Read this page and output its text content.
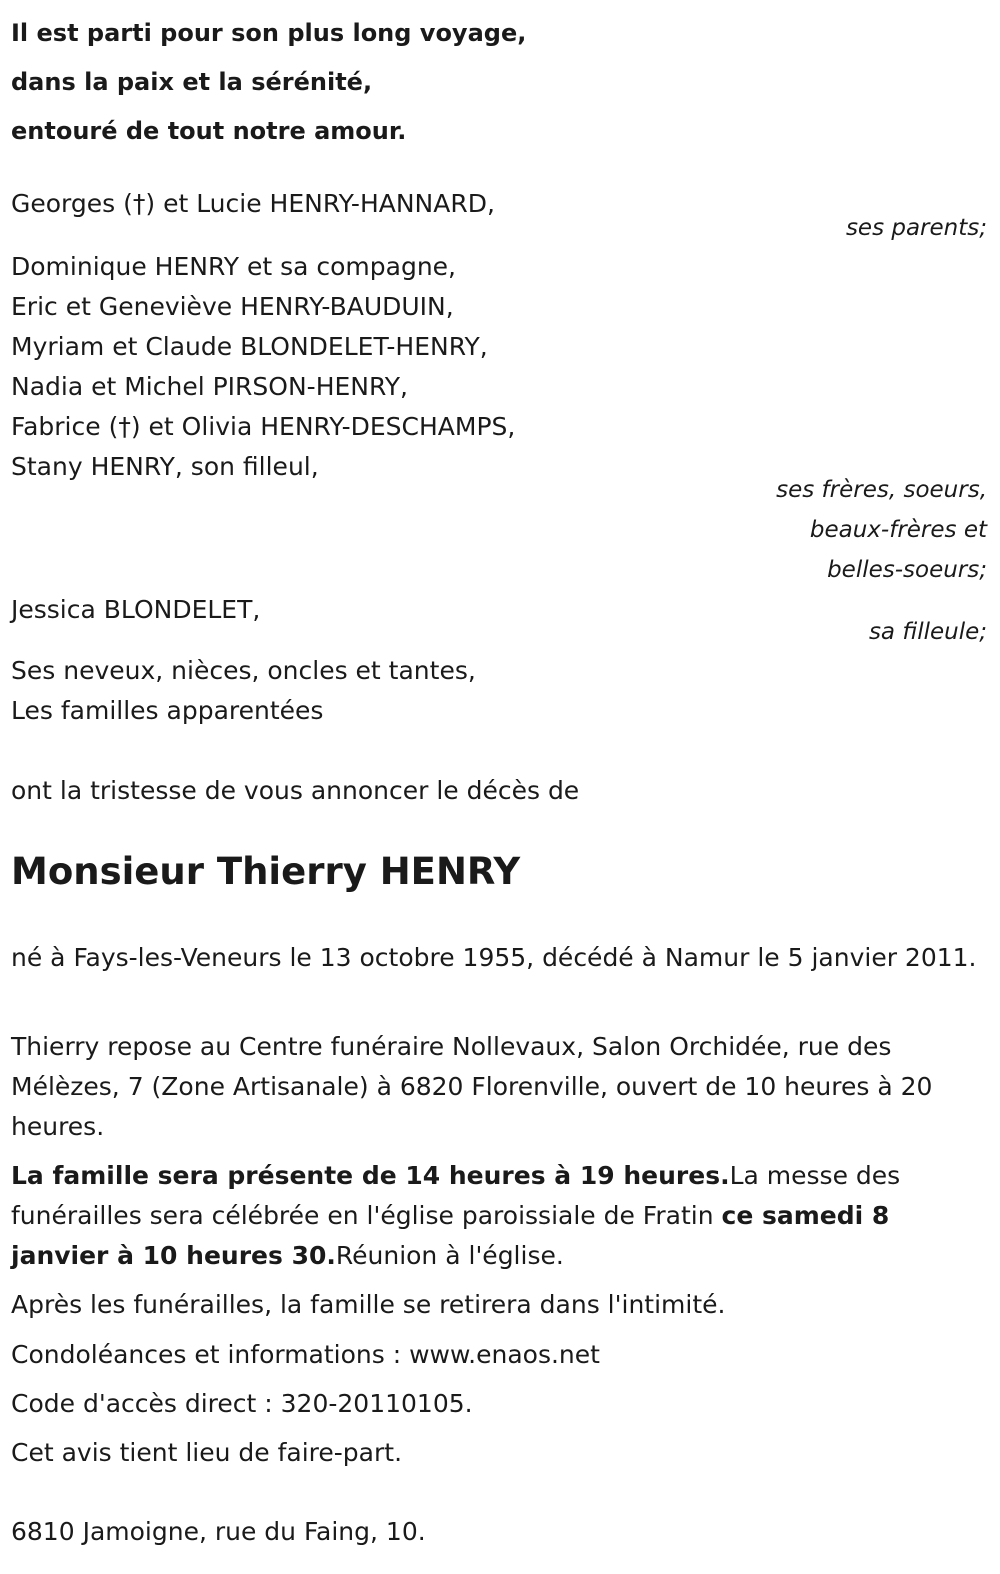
Il est parti pour son plus long voyage,
dans la paix et la sérénité,
entouré de tout notre amour.
Georges (†) et Lucie HENRY-HANNARD,
ses parents;
Dominique HENRY et sa compagne,
Eric et Geneviève HENRY-BAUDUIN,
Myriam et Claude BLONDELET-HENRY,
Nadia et Michel PIRSON-HENRY,
Fabrice (†) et Olivia HENRY-DESCHAMPS,
Stany HENRY, son filleul,
ses frères, soeurs,
beaux-frères et
belles-soeurs;
Jessica BLONDELET,
sa filleule;
Ses neveux, nièces, oncles et tantes,
Les familles apparentées
ont la tristesse de vous annoncer le décès de
Monsieur Thierry HENRY
né à Fays-les-Veneurs le 13 octobre 1955, décédé à Namur le 5 janvier 2011.
Thierry repose au Centre funéraire Nollevaux, Salon Orchidée, rue des Mélèzes, 7 (Zone Artisanale) à 6820 Florenville, ouvert de 10 heures à 20 heures.
La famille sera présente de 14 heures à 19 heures.La messe des funérailles sera célébrée en l'église paroissiale de Fratin ce samedi 8 janvier à 10 heures 30.Réunion à l'église.
Après les funérailles, la famille se retirera dans l'intimité.
Condoléances et informations : www.enaos.net
Code d'accès direct : 320-20110105.
Cet avis tient lieu de faire-part.
6810 Jamoigne, rue du Faing, 10.
